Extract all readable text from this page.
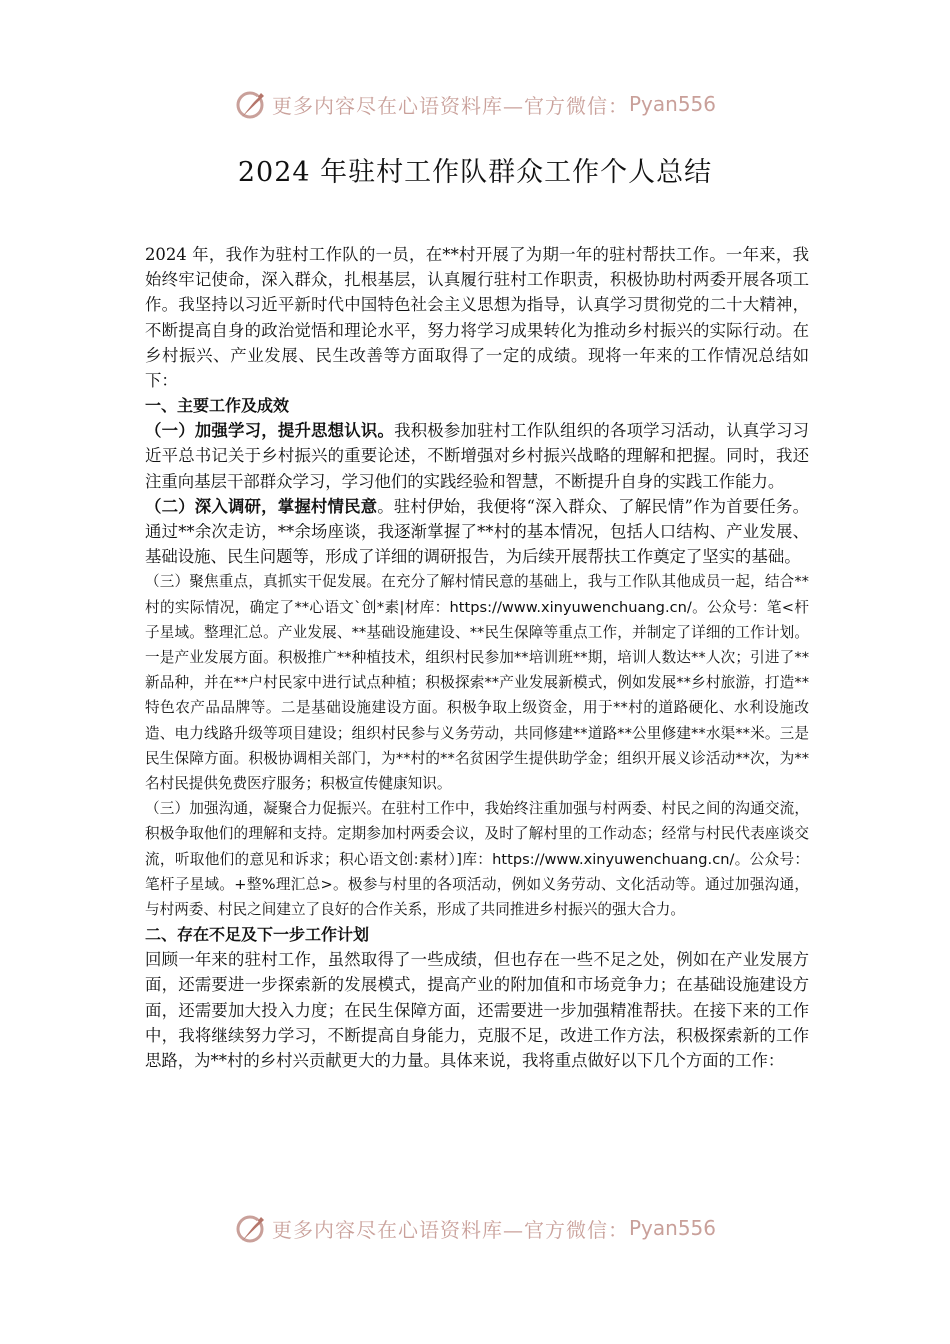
更多内容尽在心语资料库—官方微信： Pyan556
2024 年驻村工作队群众工作个人总结

2024 年，我作为驻村工作队的一员，在**村开展了为期一年的驻村帮扶工作。一年来，我始终牢记使命，深入群众，扎根基层，认真履行驻村工作职责，积极协助村两委开展各项工作。我坚持以习近平新时代中国特色社会主义思想为指导，认真学习贯彻党的二十大精神，不断提高自身的政治觉悟和理论水平，努力将学习成果转化为推动乡村振兴的实际行动。在乡村振兴、产业发展、民生改善等方面取得了一定的成绩。现将一年来的工作情况总结如下：

一、主要工作及成效

（一）加强学习，提升思想认识。我积极参加驻村工作队组织的各项学习活动，认真学习习近平总书记关于乡村振兴的重要论述，不断增强对乡村振兴战略的理解和把握。同时，我还注重向基层干部群众学习，学习他们的实践经验和智慧，不断提升自身的实践工作能力。

（二）深入调研，掌握村情民意。驻村伊始，我便将“深入群众、了解民情”作为首要任务。通过**余次走访，**余场座谈，我逐渐掌握了**村的基本情况，包括人口结构、产业发展、基础设施、民生问题等，形成了详细的调研报告，为后续开展帮扶工作奠定了坚实的基础。

（三）聚焦重点，真抓实干促发展。在充分了解村情民意的基础上，我与工作队其他成员一起，结合**村的实际情况，确定了**心语文`创*素|材库：https://www.xinyuwenchuang.cn/。公众号：笔<杆子星域。整理汇总。产业发展、**基础设施建设、**民生保障等重点工作，并制定了详细的工作计划。一是产业发展方面。积极推广**种植技术，组织村民参加**培训班**期，培训人数达**人次；引进了**新品种，并在**户村民家中进行试点种植；积极探索**产业发展新模式，例如发展**乡村旅游，打造**特色农产品品牌等。二是基础设施建设方面。积极争取上级资金，用于**村的道路硬化、水利设施改造、电力线路升级等项目建设；组织村民参与义务劳动，共同修建**道路**公里修建**水渠**米。三是民生保障方面。积极协调相关部门，为**村的**名贫困学生提供助学金；组织开展义诊活动**次，为**名村民提供免费医疗服务；积极宣传健康知识。

（三）加强沟通，凝聚合力促振兴。在驻村工作中，我始终注重加强与村两委、村民之间的沟通交流，积极争取他们的理解和支持。定期参加村两委会议，及时了解村里的工作动态；经常与村民代表座谈交流，听取他们的意见和诉求；积心语文创:素材）]库：https://www.xinyuwenchuang.cn/。公众号：笔杆子星域。+整%理汇总>。极参与村里的各项活动，例如义务劳动、文化活动等。通过加强沟通，与村两委、村民之间建立了良好的合作关系，形成了共同推进乡村振兴的强大合力。

二、存在不足及下一步工作计划

回顾一年来的驻村工作，虽然取得了一些成绩，但也存在一些不足之处，例如在产业发展方面，还需要进一步探索新的发展模式，提高产业的附加值和市场竞争力；在基础设施建设方面，还需要加大投入力度；在民生保障方面，还需要进一步加强精准帮扶。在接下来的工作中，我将继续努力学习，不断提高自身能力，克服不足，改进工作方法，积极探索新的工作思路，为**村的乡村兴贡献更大的力量。具体来说，我将重点做好以下几个方面的工作：

更多内容尽在心语资料库—官方微信： Pyan556
